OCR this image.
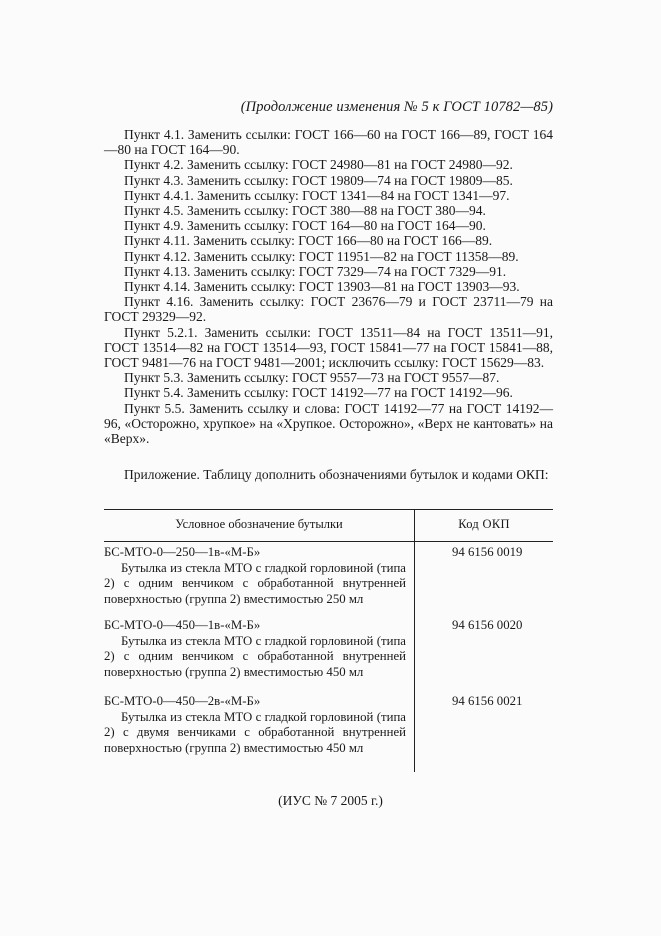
(Продолжение изменения № 5 к ГОСТ 10782—85)

Пункт 4.1. Заменить ссылки: ГОСТ 166—60 на ГОСТ 166—89, ГОСТ 164—80 на ГОСТ 164—90.

Пункт 4.2. Заменить ссылку: ГОСТ 24980—81 на ГОСТ 24980—92.

Пункт 4.3. Заменить ссылку: ГОСТ 19809—74 на ГОСТ 19809—85.

Пункт 4.4.1. Заменить ссылку: ГОСТ 1341—84 на ГОСТ 1341—97.

Пункт 4.5. Заменить ссылку: ГОСТ 380—88 на ГОСТ 380—94.

Пункт 4.9. Заменить ссылку: ГОСТ 164—80 на ГОСТ 164—90.

Пункт 4.11. Заменить ссылку: ГОСТ 166—80 на ГОСТ 166—89.

Пункт 4.12. Заменить ссылку: ГОСТ 11951—82 на ГОСТ 11358—89.

Пункт 4.13. Заменить ссылку: ГОСТ 7329—74 на ГОСТ 7329—91.

Пункт 4.14. Заменить ссылку: ГОСТ 13903—81 на ГОСТ 13903—93.

Пункт 4.16. Заменить ссылку: ГОСТ 23676—79 и ГОСТ 23711—79 на ГОСТ 29329—92.

Пункт 5.2.1. Заменить ссылки: ГОСТ 13511—84 на ГОСТ 13511—91, ГОСТ 13514—82 на ГОСТ 13514—93, ГОСТ 15841—77 на ГОСТ 15841—88, ГОСТ 9481—76 на ГОСТ 9481—2001; исключить ссылку: ГОСТ 15629—83.

Пункт 5.3. Заменить ссылку: ГОСТ 9557—73 на ГОСТ 9557—87.

Пункт 5.4. Заменить ссылку: ГОСТ 14192—77 на ГОСТ 14192—96.

Пункт 5.5. Заменить ссылку и слова: ГОСТ 14192—77 на ГОСТ 14192—96, «Осторожно, хрупкое» на «Хрупкое. Осторожно», «Верх не кантовать» на «Верх».

Приложение. Таблицу дополнить обозначениями бутылок и кодами ОКП:

Условное обозначение бутылки	Код ОКП
БС-МТО-0—250—1в-«М-Б»
Бутылка из стекла МТО с гладкой горловиной (типа 2) с одним венчиком с обработанной внутренней поверхностью (группа 2) вместимостью 250 мл
94 6156 0019
БС-МТО-0—450—1в-«М-Б»
Бутылка из стекла МТО с гладкой горловиной (типа 2) с одним венчиком с обработанной внутренней поверхностью (группа 2) вместимостью 450 мл
94 6156 0020
БС-МТО-0—450—2в-«М-Б»
Бутылка из стекла МТО с гладкой горловиной (типа 2) с двумя венчиками с обработанной внутренней поверхностью (группа 2) вместимостью 450 мл
94 6156 0021
(ИУС № 7 2005 г.)
